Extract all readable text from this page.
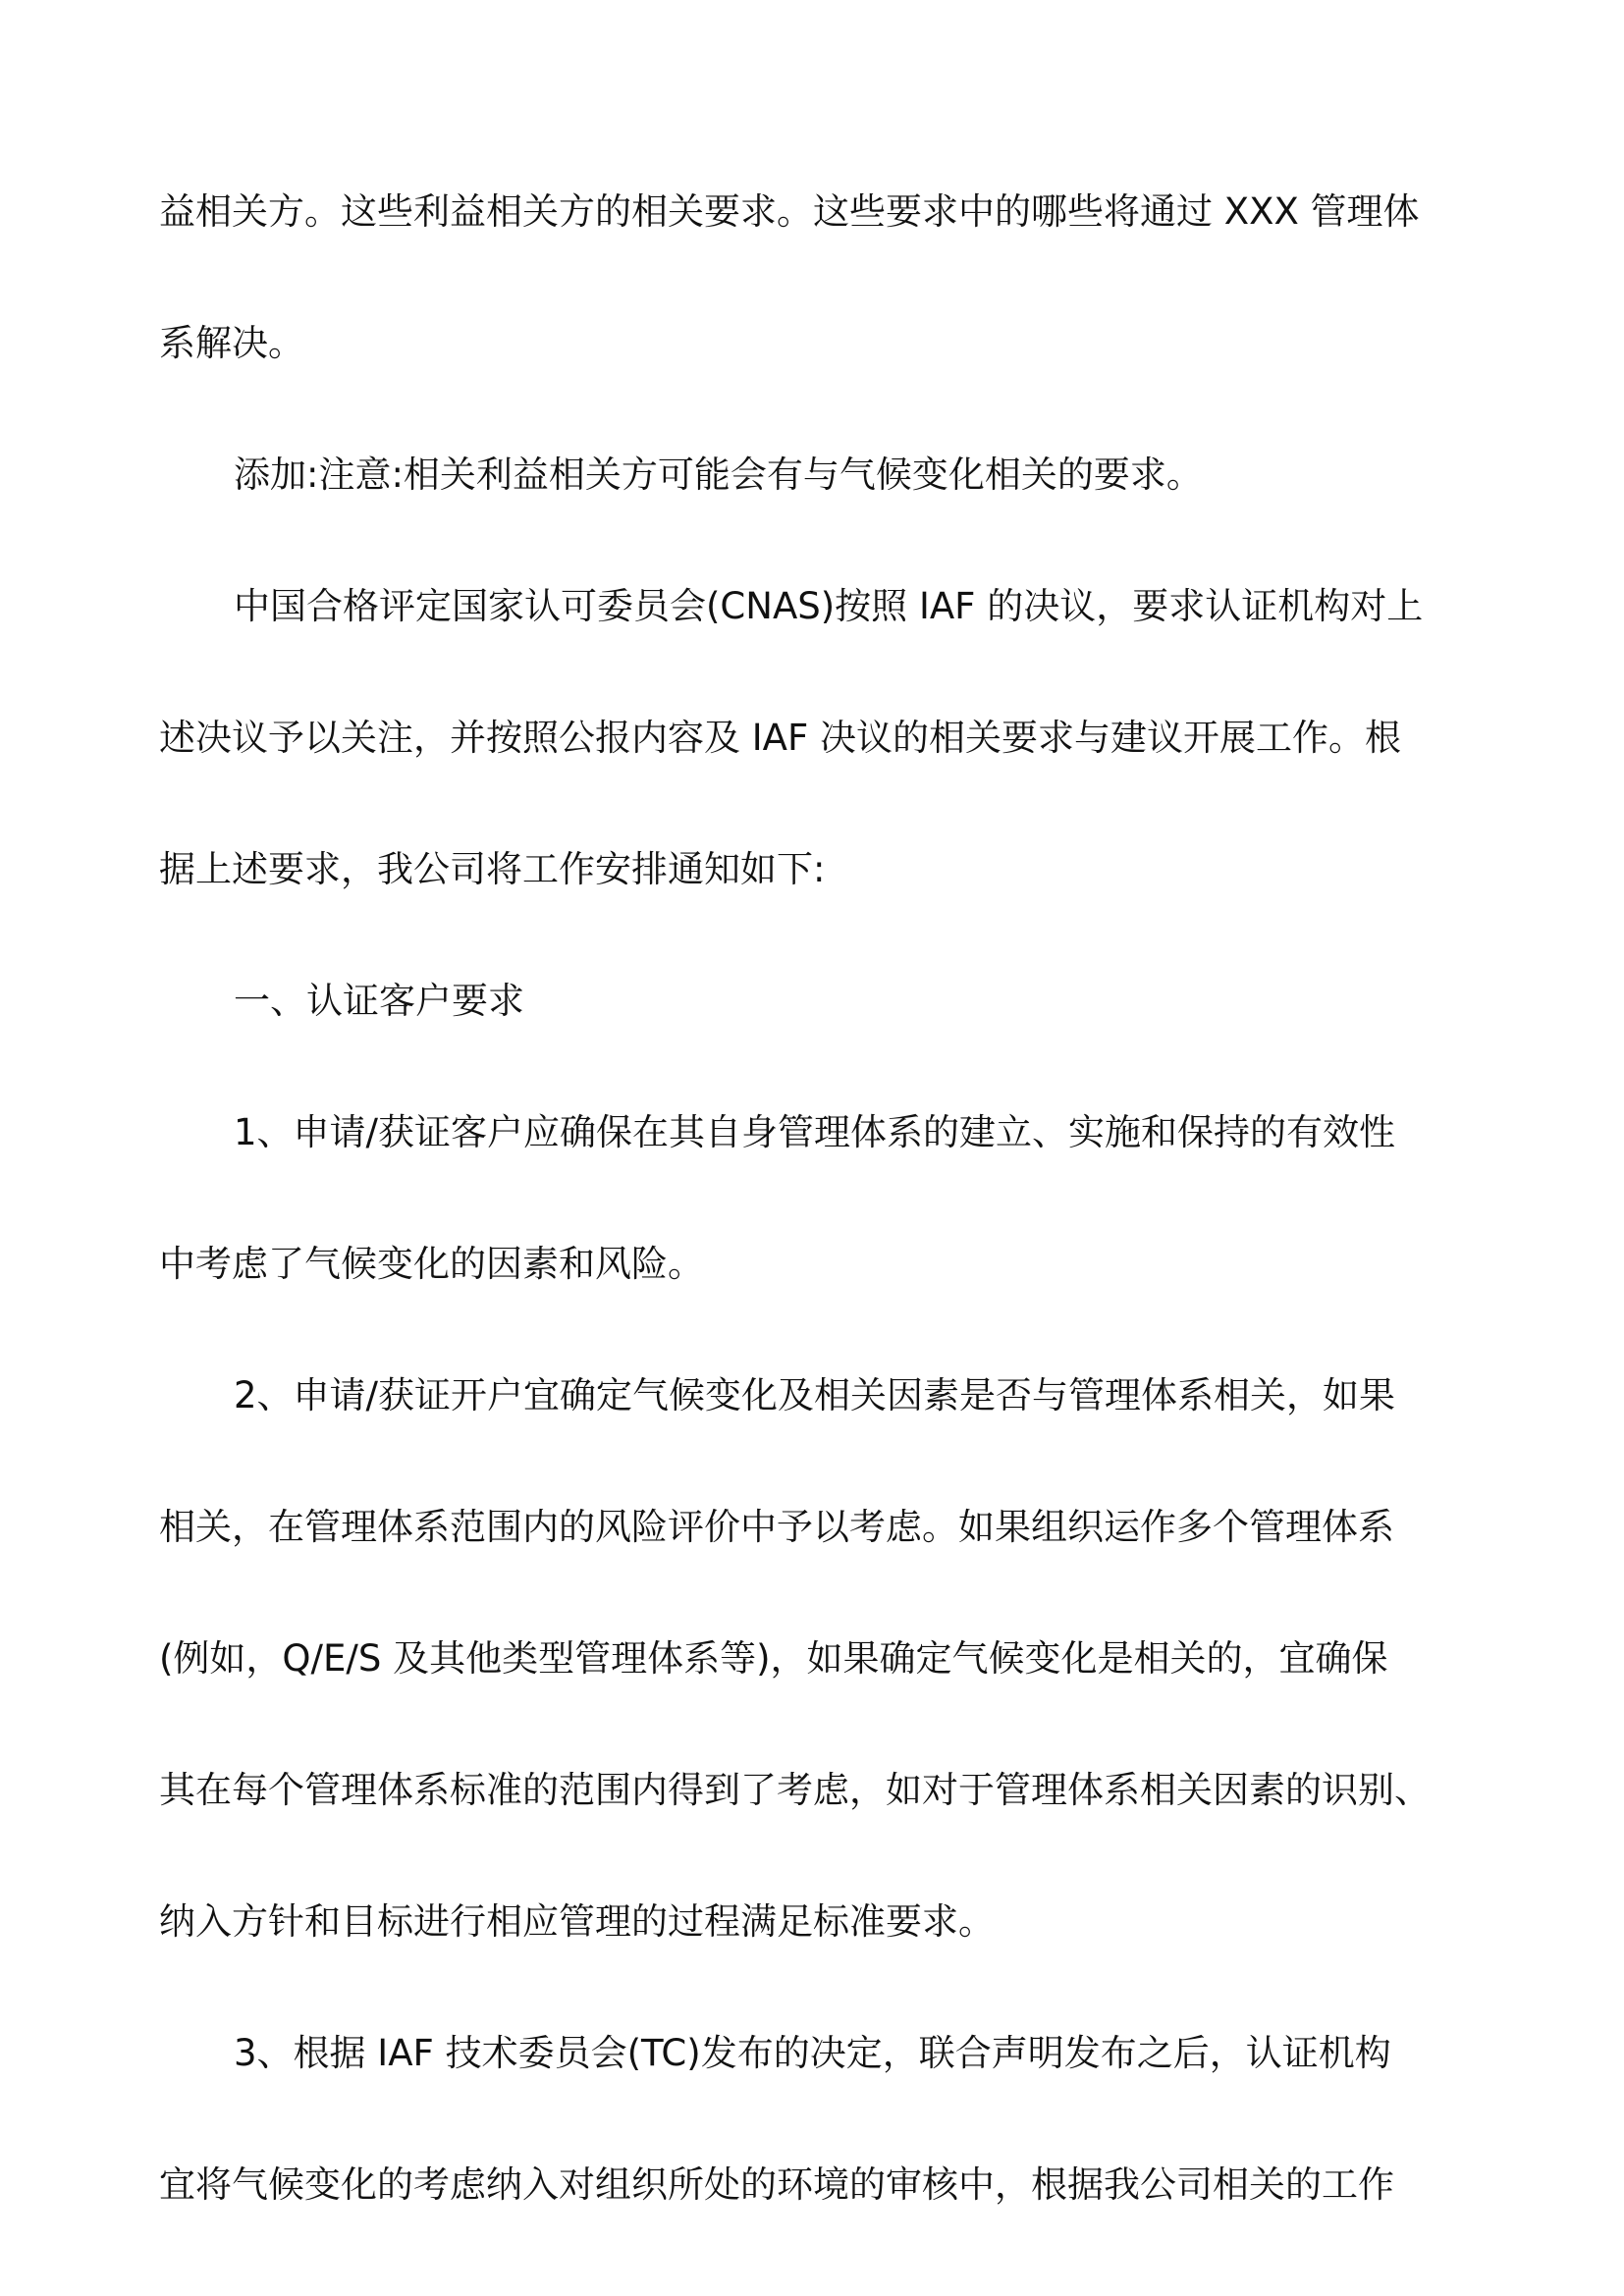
益相关方。这些利益相关方的相关要求。这些要求中的哪些将通过 XXX 管理体
系解决。
添加:注意:相关利益相关方可能会有与气候变化相关的要求。
中国合格评定国家认可委员会(CNAS)按照 IAF 的决议，要求认证机构对上
述决议予以关注，并按照公报内容及 IAF 决议的相关要求与建议开展工作。根
据上述要求，我公司将工作安排通知如下:
一、认证客户要求
1、申请/获证客户应确保在其自身管理体系的建立、实施和保持的有效性
中考虑了气候变化的因素和风险。
2、申请/获证开户宜确定气候变化及相关因素是否与管理体系相关，如果
相关，在管理体系范围内的风险评价中予以考虑。如果组织运作多个管理体系
(例如，Q/E/S 及其他类型管理体系等)，如果确定气候变化是相关的，宜确保
其在每个管理体系标准的范围内得到了考虑，如对于管理体系相关因素的识别、
纳入方针和目标进行相应管理的过程满足标准要求。
3、根据 IAF 技术委员会(TC)发布的决定，联合声明发布之后，认证机构
宜将气候变化的考虑纳入对组织所处的环境的审核中，根据我公司相关的工作
